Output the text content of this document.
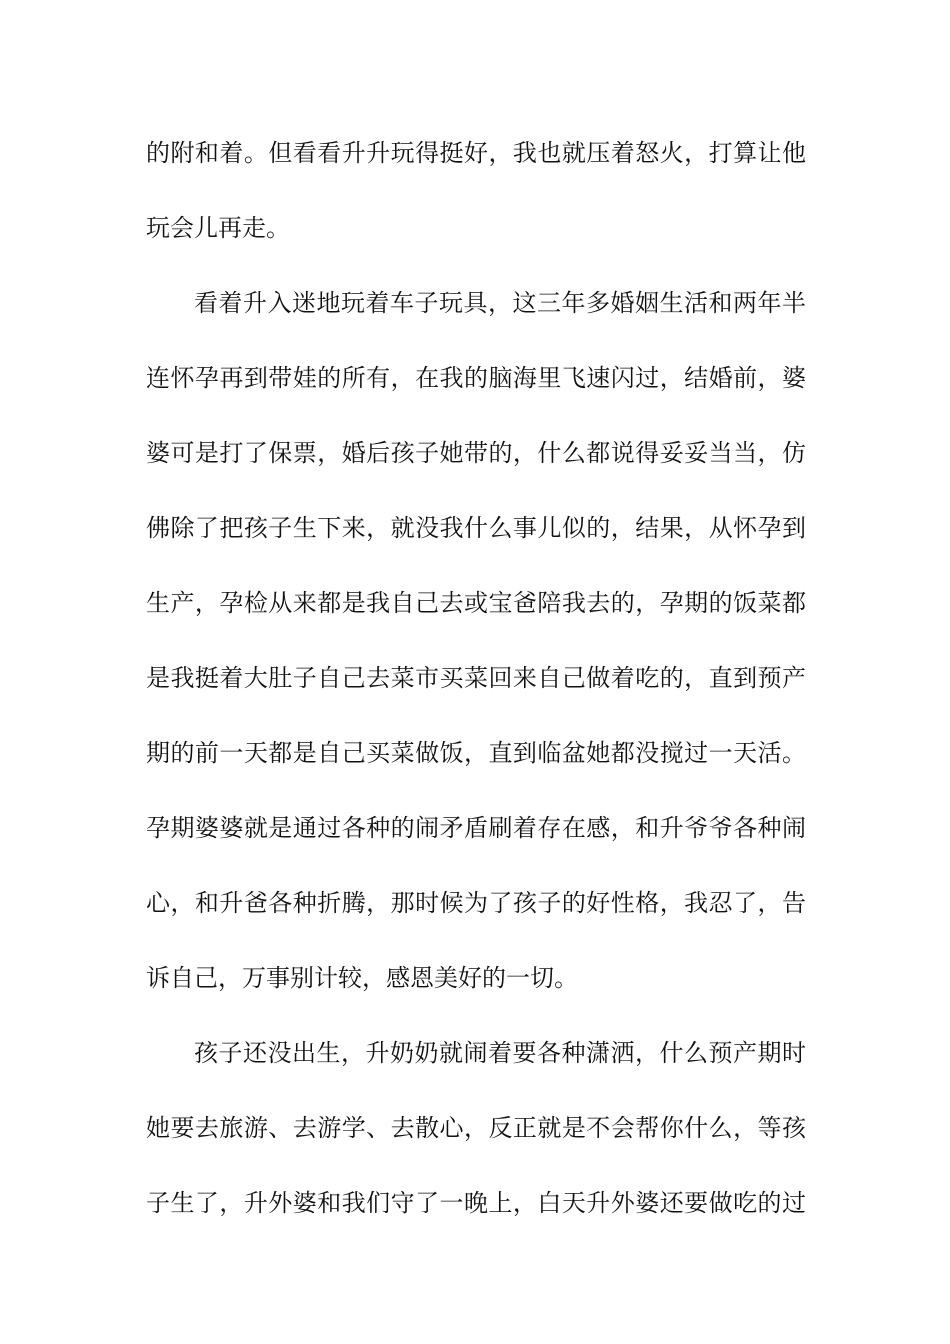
的附和着。但看看升升玩得挺好，我也就压着怒火，打算让他
玩会儿再走。
看着升入迷地玩着车子玩具，这三年多婚姻生活和两年半
连怀孕再到带娃的所有，在我的脑海里飞速闪过，结婚前，婆
婆可是打了保票，婚后孩子她带的，什么都说得妥妥当当，仿
佛除了把孩子生下来，就没我什么事儿似的，结果，从怀孕到
生产，孕检从来都是我自己去或宝爸陪我去的，孕期的饭菜都
是我挺着大肚子自己去菜市买菜回来自己做着吃的，直到预产
期的前一天都是自己买菜做饭，直到临盆她都没搅过一天活。
孕期婆婆就是通过各种的闹矛盾刷着存在感，和升爷爷各种闹
心，和升爸各种折腾，那时候为了孩子的好性格，我忍了，告
诉自己，万事别计较，感恩美好的一切。
孩子还没出生，升奶奶就闹着要各种潇洒，什么预产期时
她要去旅游、去游学、去散心，反正就是不会帮你什么，等孩
子生了，升外婆和我们守了一晚上，白天升外婆还要做吃的过
